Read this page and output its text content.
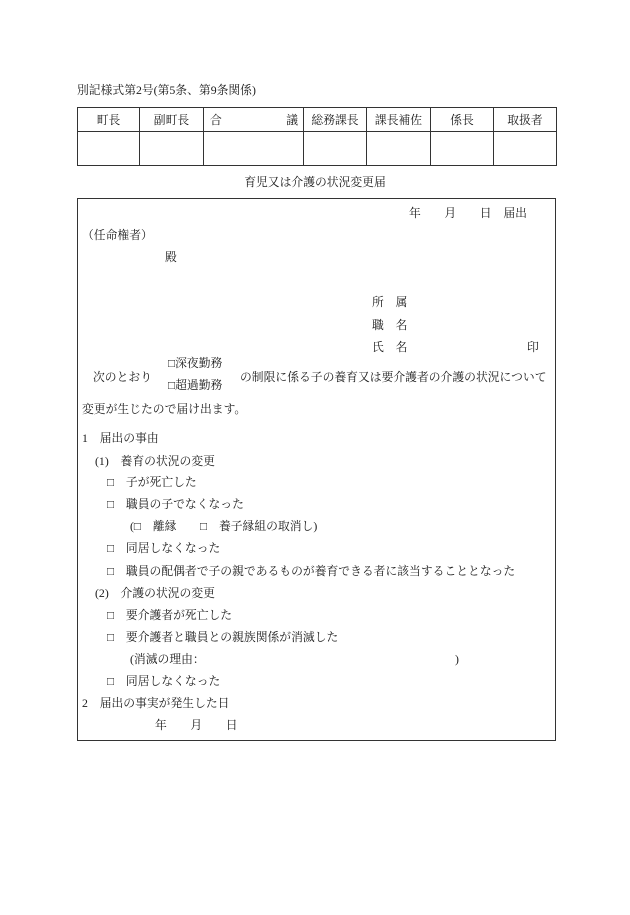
別記様式第2号(第5条、第9条関係)
町長	副町長	合議	総務課長	課長補佐	係長	取扱者

育児又は介護の状況変更届
年　　月　　日　届出
（任命権者）
殿
所　属
職　名
氏　名	印
次のとおり
□深夜勤務
□超過勤務
の制限に係る子の養育又は要介護者の介護の状況について
変更が生じたので届け出ます。
1　届出の事由
(1)　養育の状況の変更
□　子が死亡した
□　職員の子でなくなった
(□　離縁　　□　養子縁組の取消し)
□　同居しなくなった
□　職員の配偶者で子の親であるものが養育できる者に該当することとなった
(2)　介護の状況の変更
□　要介護者が死亡した
□　要介護者と職員との親族関係が消滅した
(消滅の理由：	)
□　同居しなくなった
2　届出の事実が発生した日
年　　月　　日
